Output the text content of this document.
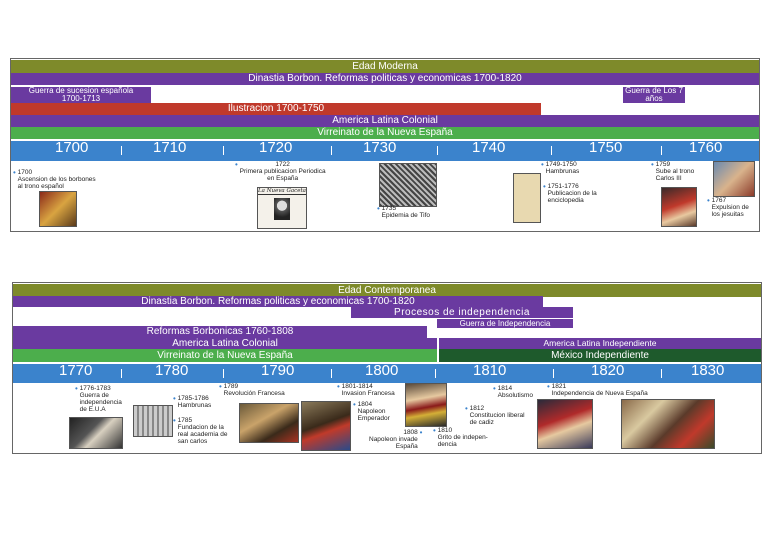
Edad Moderna
Dinastia Borbon. Reformas politicas y economicas 1700-1820
Guerra de sucesion española
1700-1713
Guerra de Los 7
años
Ilustracion 1700-1750
America Latina Colonial
Virreinato de la Nueva España
1700	1710	1720	1730	1740	1750	1760
• 1700
Ascension de los borbones
al trono español
•	1722
Primera publicacion Periodica
en España
La Nueva Gaceta
• 1735
Epidemia de Tifo
• 1749-1750
Hambrunas
• 1751-1776
Publicacion de la
enciclopedia
• 1759
Sube al trono
Carlos III
• 1767
Expulsion de
los jesuitas
Edad Contemporanea
Dinastia Borbon. Reformas politicas y economicas 1700-1820
Procesos de independencia
Guerra de Independencia
Reformas Borbonicas 1760-1808
America Latina Colonial	America Latina Independiente
Virreinato de la Nueva España	México Independiente
1770	1780	1790	1800	1810	1820	1830
• 1776-1783
Guerra de
independencia
de E.U.A
• 1785-1786
Hambrunas
• 1785
Fundacion de la
real academia de
san carlos
• 1789
Revolución Francesa
• 1801-1814
Invasion Francesa
• 1804
Napoleon
Emperador
1808
Napoleon invade
España • • 1810
Grito de indepen-
dencia
• 1812
Constitucion liberal
de cadiz
• 1814
Absolutismo
• 1821
Independencia de Nueva España
